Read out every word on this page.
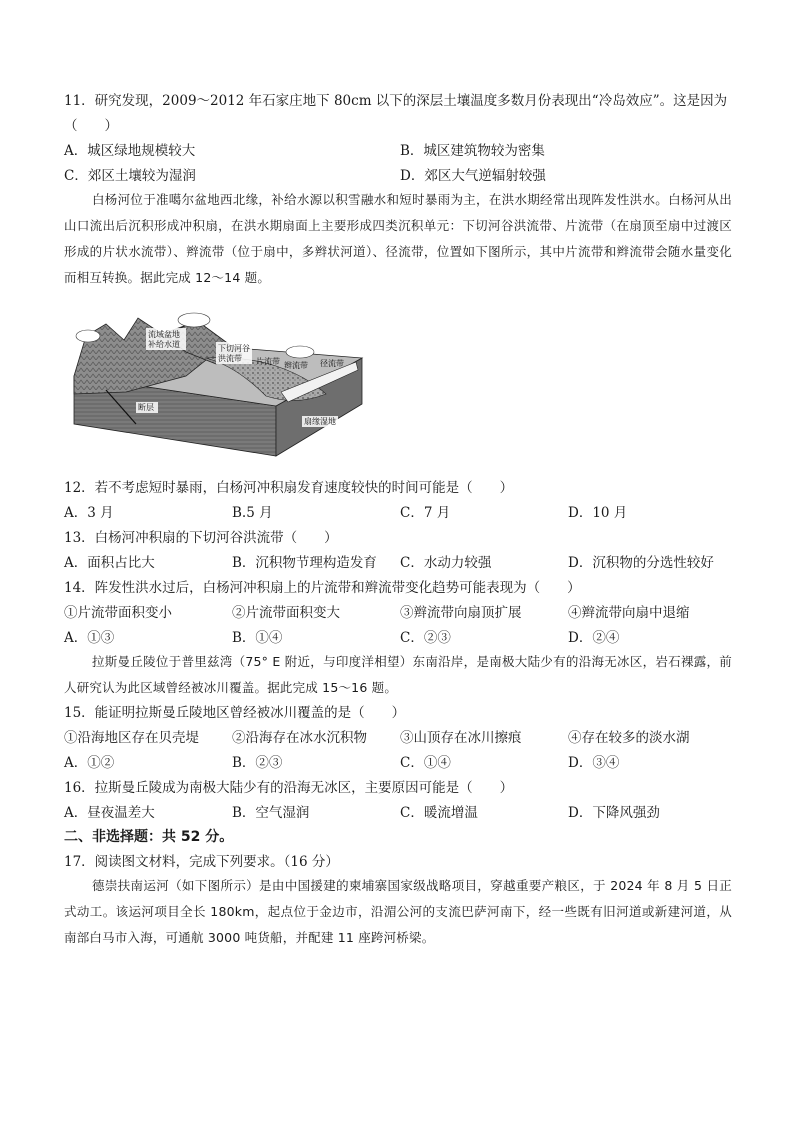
11．研究发现，2009～2012 年石家庄地下 80cm 以下的深层土壤温度多数月份表现出“冷岛效应”。这是因为
（　　）
A．城区绿地规模较大	B．城区建筑物较为密集
C．郊区土壤较为湿润	D．郊区大气逆辐射较强
白杨河位于准噶尔盆地西北缘，补给水源以积雪融水和短时暴雨为主，在洪水期经常出现阵发性洪水。白杨河从出山口流出后沉积形成冲积扇，在洪水期扇面上主要形成四类沉积单元：下切河谷洪流带、片流带（在扇顶至扇中过渡区形成的片状水流带）、辫流带（位于扇中，多辫状河道）、径流带，位置如下图所示，其中片流带和辫流带会随水量变化而相互转换。据此完成 12～14 题。
流域盆地
补给水道	下切河谷
洪流带 片流带 辫流带 径流带
断层
扇缘湿地
12．若不考虑短时暴雨，白杨河冲积扇发育速度较快的时间可能是（　　）
A．3 月	B.5 月	C．7 月	D．10 月
13．白杨河冲积扇的下切河谷洪流带（　　）
A．面积占比大	B．沉积物节理构造发育 C．水动力较强	D．沉积物的分选性较好
14．阵发性洪水过后，白杨河冲积扇上的片流带和辫流带变化趋势可能表现为（　　）
①片流带面积变小	②片流带面积变大	③辫流带向扇顶扩展	④辫流带向扇中退缩
A．①③	B．①④	C．②③	D．②④
拉斯曼丘陵位于普里兹湾（75° E 附近，与印度洋相望）东南沿岸，是南极大陆少有的沿海无冰区，岩石裸露，前人研究认为此区域曾经被冰川覆盖。据此完成 15～16 题。
15．能证明拉斯曼丘陵地区曾经被冰川覆盖的是（　　）
①沿海地区存在贝壳堤 ②沿海存在冰水沉积物 ③山顶存在冰川擦痕	④存在较多的淡水湖
A．①②	B．②③	C．①④	D．③④
16．拉斯曼丘陵成为南极大陆少有的沿海无冰区，主要原因可能是（　　）
A．昼夜温差大	B．空气湿润	C．暖流增温	D．下降风强劲
二、非选择题：共 52 分。
17．阅读图文材料，完成下列要求。（16 分）
德崇扶南运河（如下图所示）是由中国援建的柬埔寨国家级战略项目，穿越重要产粮区，于 2024 年 8 月 5 日正式动工。该运河项目全长 180km，起点位于金边市，沿湄公河的支流巴萨河南下，经一些既有旧河道或新建河道，从南部白马市入海，可通航 3000 吨货船，并配建 11 座跨河桥梁。
